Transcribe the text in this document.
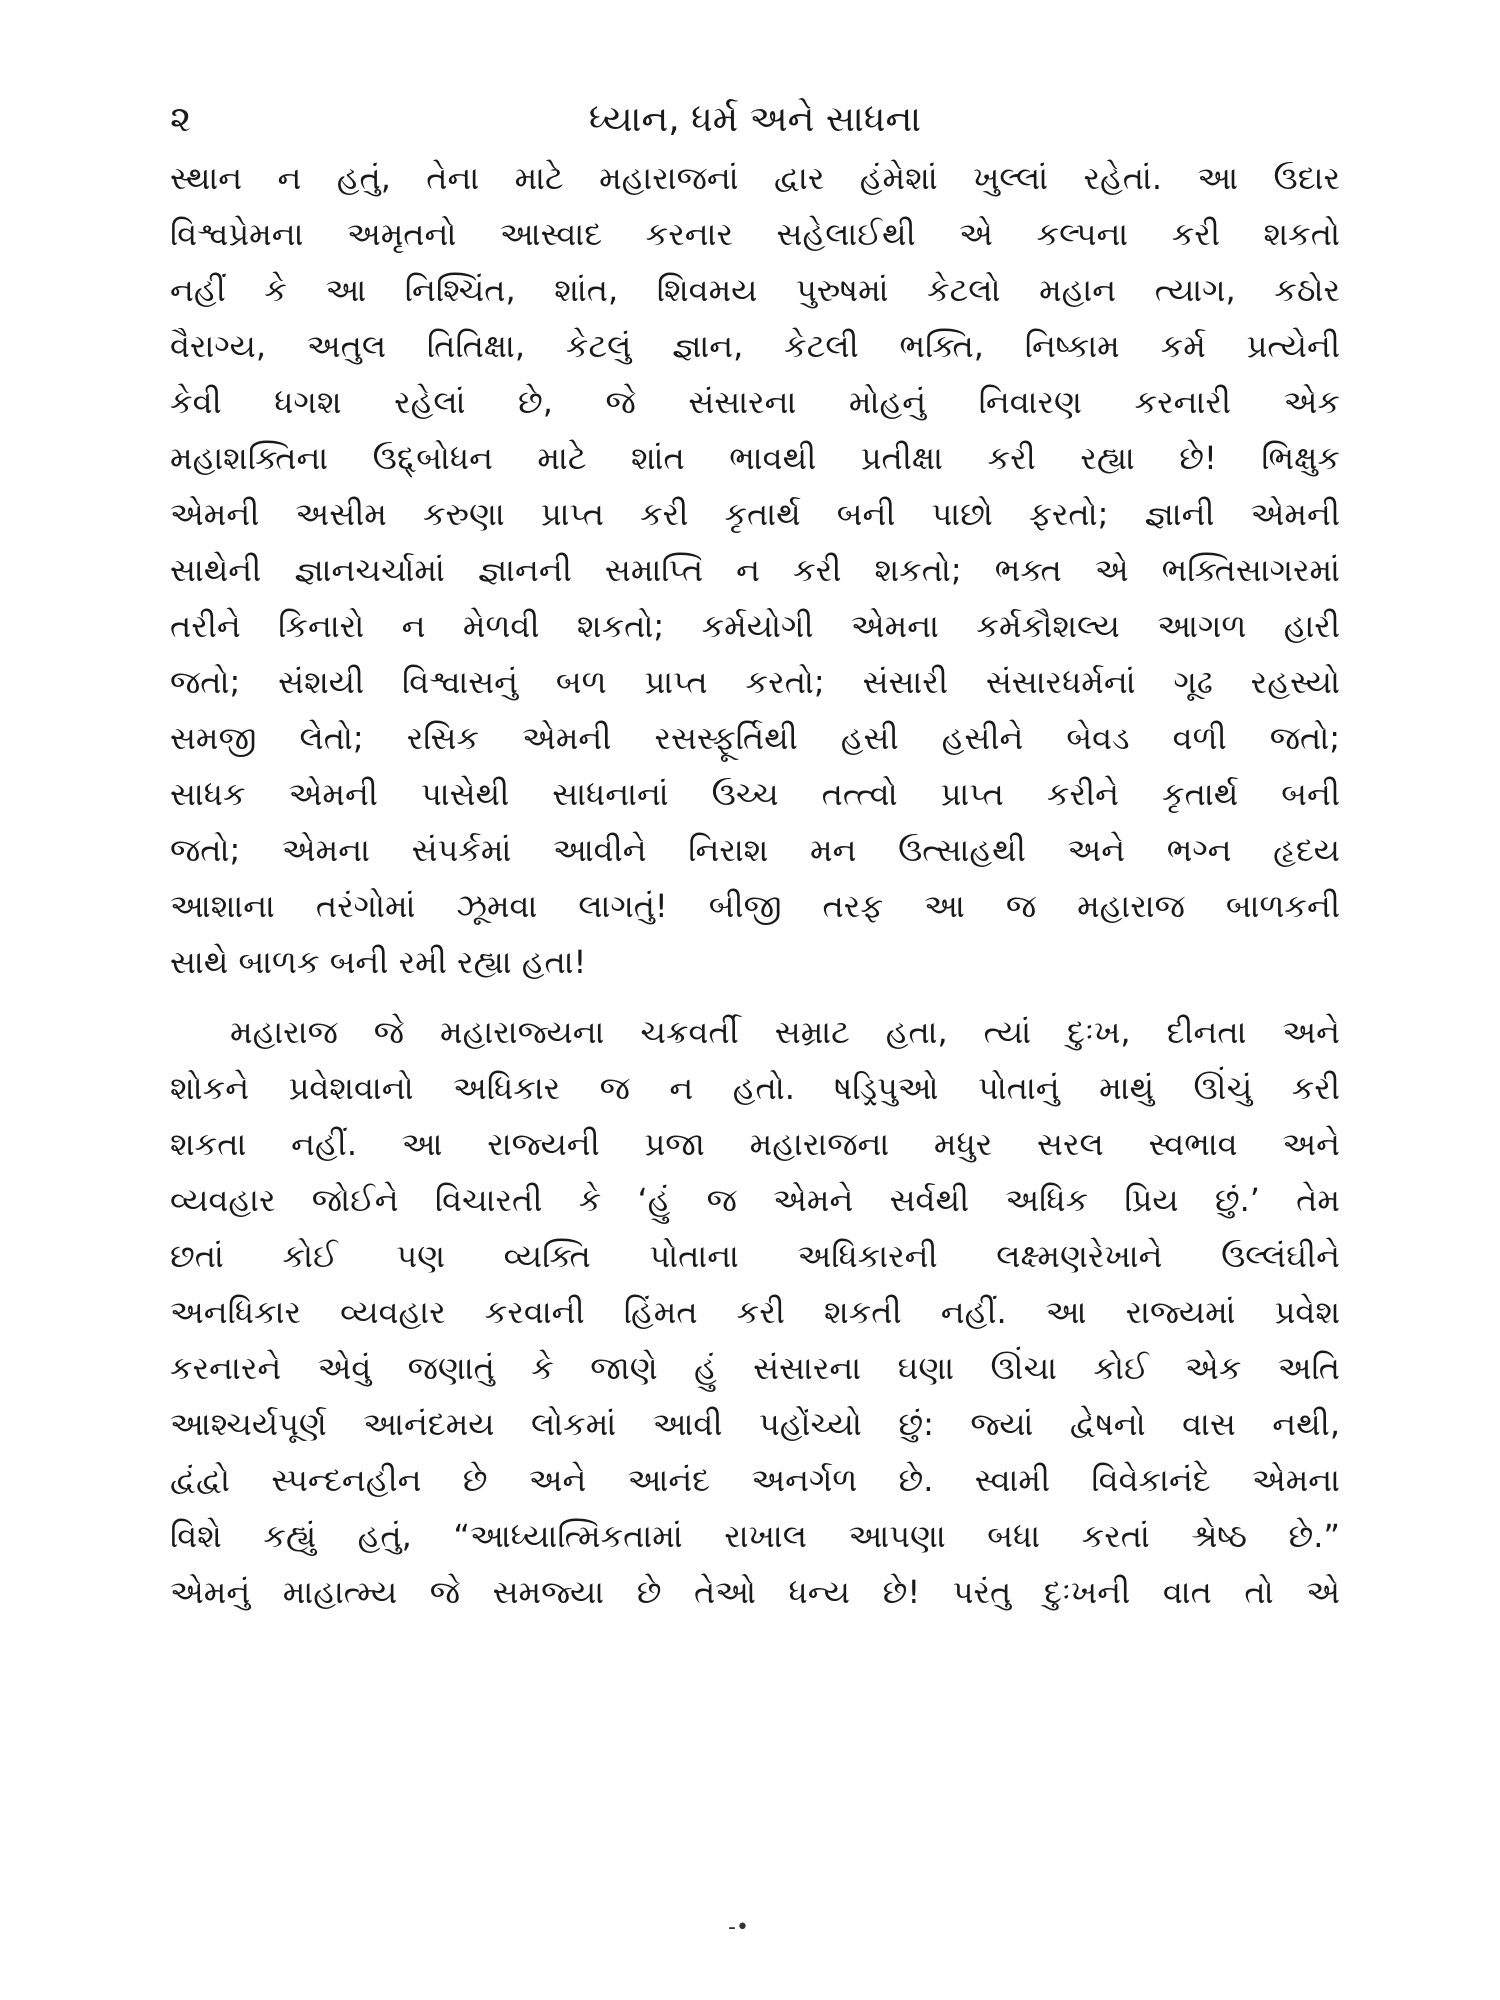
૨	ધ્યાન, ધર્મ અને સાધના
સ્થાન ન હતું, તેના માટે મહારાજનાં દ્વાર હંમેશાં ખુલ્લાં રહેતાં. આ ઉદાર
વિશ્વપ્રેમના અમૃતનો આસ્વાદ કરનાર સહેલાઈથી એ કલ્પના કરી શકતો
નહીં કે આ નિશ્ચિંત, શાંત, શિવમય પુરુષમાં કેટલો મહાન ત્યાગ, કઠોર
વૈરાગ્ય, અતુલ તિતિક્ષા, કેટલું જ્ઞાન, કેટલી ભક્તિ, નિષ્કામ કર્મ પ્રત્યેની
કેવી ધગશ રહેલાં છે, જે સંસારના મોહનું નિવારણ કરનારી એક
મહાશક્તિના ઉદ્દ્બોધન માટે શાંત ભાવથી પ્રતીક્ષા કરી રહ્યા છે! ભિક્ષુક
એમની અસીમ કરુણા પ્રાપ્ત કરી કૃતાર્થ બની પાછો ફરતો; જ્ઞાની એમની
સાથેની જ્ઞાનચર્ચામાં જ્ઞાનની સમાપ્તિ ન કરી શકતો; ભક્ત એ ભક્તિસાગરમાં
તરીને કિનારો ન મેળવી શકતો; કર્મયોગી એમના કર્મકૌશલ્ય આગળ હારી
જતો; સંશયી વિશ્વાસનું બળ પ્રાપ્ત કરતો; સંસારી સંસારધર્મનાં ગૂઢ રહસ્યો
સમજી લેતો; રસિક એમની રસસ્ફૂર્તિથી હસી હસીને બેવડ વળી જતો;
સાધક એમની પાસેથી સાધનાનાં ઉચ્ચ તત્ત્વો પ્રાપ્ત કરીને કૃતાર્થ બની
જતો; એમના સંપર્કમાં આવીને નિરાશ મન ઉત્સાહથી અને ભગ્ન હૃદય
આશાના તરંગોમાં ઝૂમવા લાગતું! બીજી તરફ આ જ મહારાજ બાળકની
સાથે બાળક બની રમી રહ્યા હતા!
મહારાજ જે મહારાજ્યના ચક્રવર્તી સમ્રાટ હતા, ત્યાં દુઃખ, દીનતા અને
શોકને પ્રવેશવાનો અધિકાર જ ન હતો. ષડ્રિપુઓ પોતાનું માથું ઊંચું કરી
શકતા નહીં. આ રાજ્યની પ્રજા મહારાજના મધુર સરલ સ્વભાવ અને
વ્યવહાર જોઈને વિચારતી કે ‘હું જ એમને સર્વથી અધિક પ્રિય છું.’ તેમ
છતાં કોઈ પણ વ્યક્તિ પોતાના અધિકારની લક્ષ્મણરેખાને ઉલ્લંઘીને
અનધિકાર વ્યવહાર કરવાની હિંમત કરી શકતી નહીં. આ રાજ્યમાં પ્રવેશ
કરનારને એવું જણાતું કે જાણે હું સંસારના ઘણા ઊંચા કોઈ એક અતિ
આશ્ચર્યપૂર્ણ આનંદમય લોકમાં આવી પહોંચ્યો છું: જ્યાં દ્વેષનો વાસ નથી,
દ્વંદ્વો સ્પન્દનહીન છે અને આનંદ અનર્ગળ છે. સ્વામી વિવેકાનંદે એમના
વિશે કહ્યું હતું, “આધ્યાત્મિકતામાં રાખાલ આપણા બધા કરતાં શ્રેષ્ઠ છે.”
એમનું માહાત્મ્ય જે સમજ્યા છે તેઓ ધન્ય છે! પરંતુ દુઃખની વાત તો એ
-•
